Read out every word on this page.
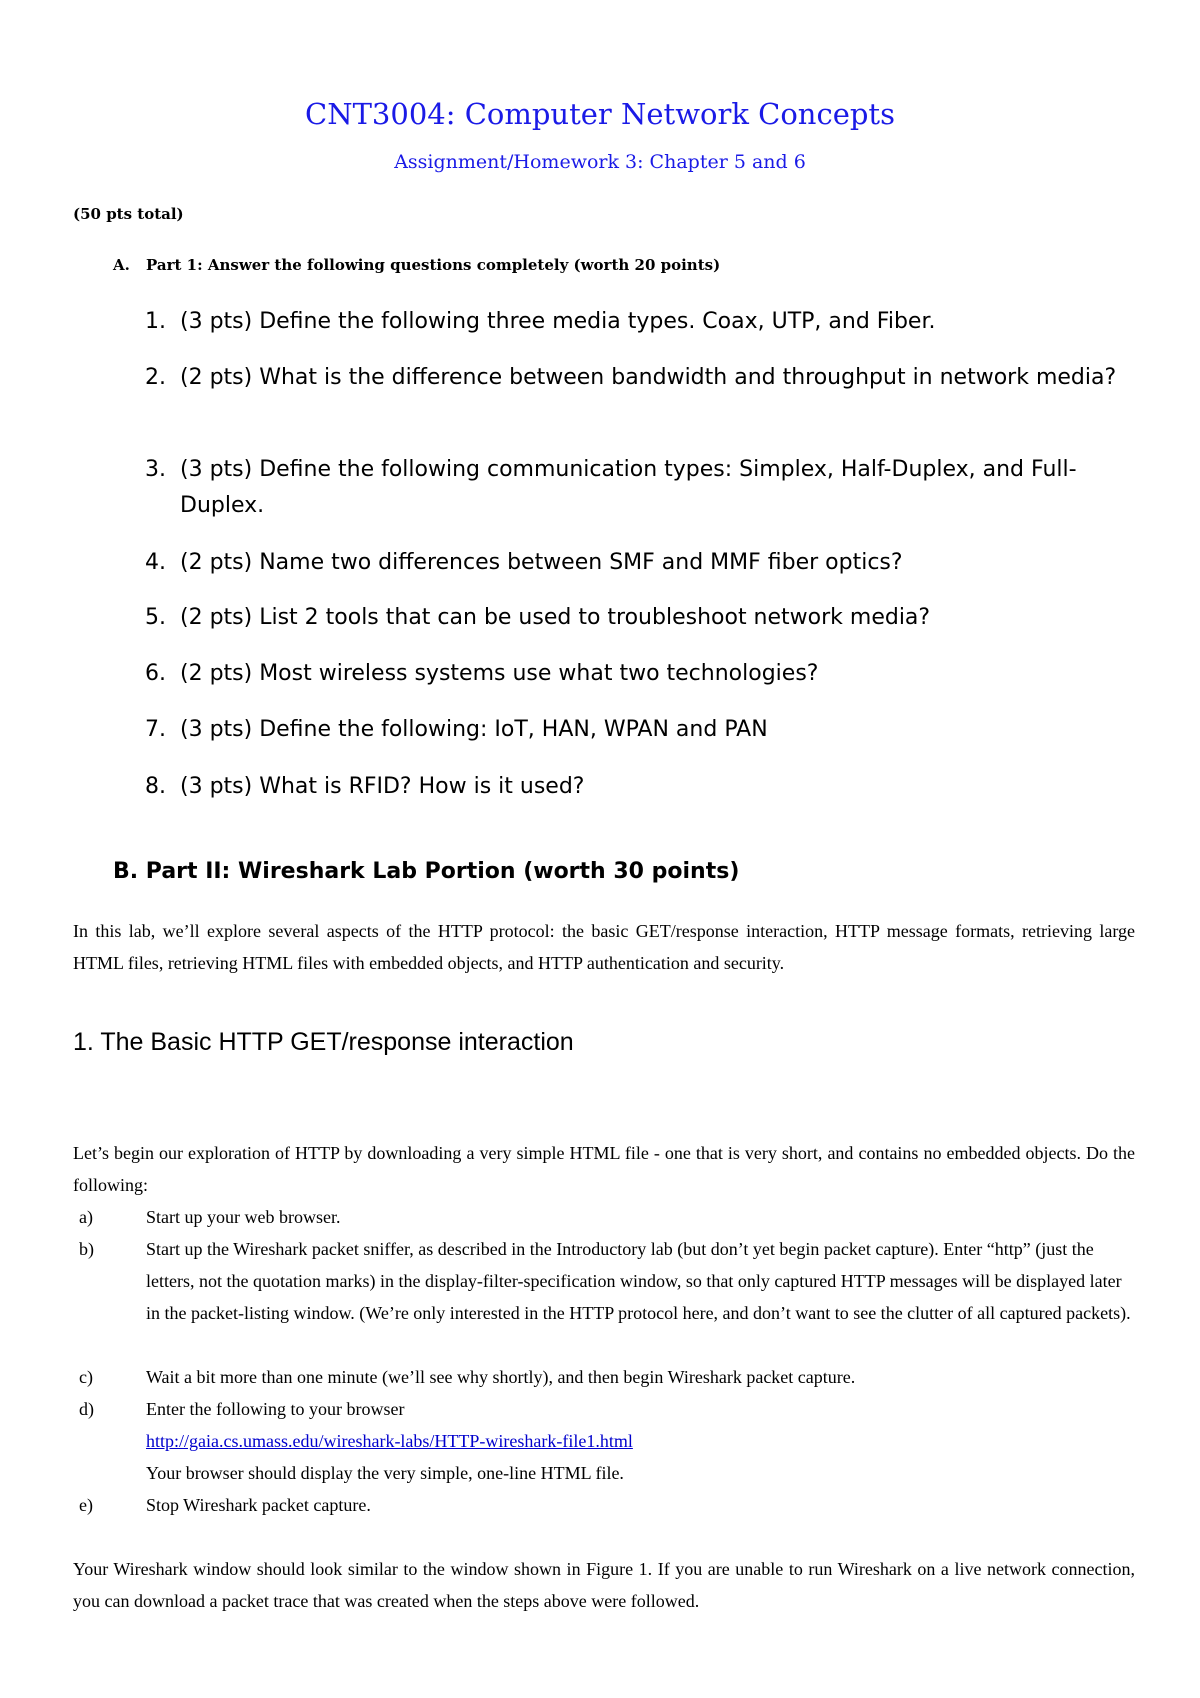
CNT3004: Computer Network Concepts
Assignment/Homework 3: Chapter 5 and 6
(50 pts total)
A. Part 1: Answer the following questions completely (worth 20 points)
1. (3 pts) Define the following three media types. Coax, UTP, and Fiber.
2. (2 pts) What is the difference between bandwidth and throughput in network media?
3. (3 pts) Define the following communication types: Simplex, Half-Duplex, and Full-Duplex.
4. (2 pts) Name two differences between SMF and MMF fiber optics?
5. (2 pts) List 2 tools that can be used to troubleshoot network media?
6. (2 pts) Most wireless systems use what two technologies?
7. (3 pts) Define the following: IoT, HAN, WPAN and PAN
8. (3 pts) What is RFID? How is it used?
B. Part II: Wireshark Lab Portion (worth 30 points)
In this lab, we’ll explore several aspects of the HTTP protocol: the basic GET/response interaction, HTTP message formats, retrieving large HTML files, retrieving HTML files with embedded objects, and HTTP authentication and security.
1. The Basic HTTP GET/response interaction
Let’s begin our exploration of HTTP by downloading a very simple HTML file - one that is very short, and contains no embedded objects. Do the following:
a)	Start up your web browser.
b)	Start up the Wireshark packet sniffer, as described in the Introductory lab (but don’t yet begin packet capture). Enter “http” (just the letters, not the quotation marks) in the display-filter-specification window, so that only captured HTTP messages will be displayed later in the packet-listing window. (We’re only interested in the HTTP protocol here, and don’t want to see the clutter of all captured packets).
c)	Wait a bit more than one minute (we’ll see why shortly), and then begin Wireshark packet capture.
d)	Enter the following to your browser
http://gaia.cs.umass.edu/wireshark-labs/HTTP-wireshark-file1.html
Your browser should display the very simple, one-line HTML file.
e)	Stop Wireshark packet capture.
Your Wireshark window should look similar to the window shown in Figure 1. If you are unable to run Wireshark on a live network connection, you can download a packet trace that was created when the steps above were followed.
